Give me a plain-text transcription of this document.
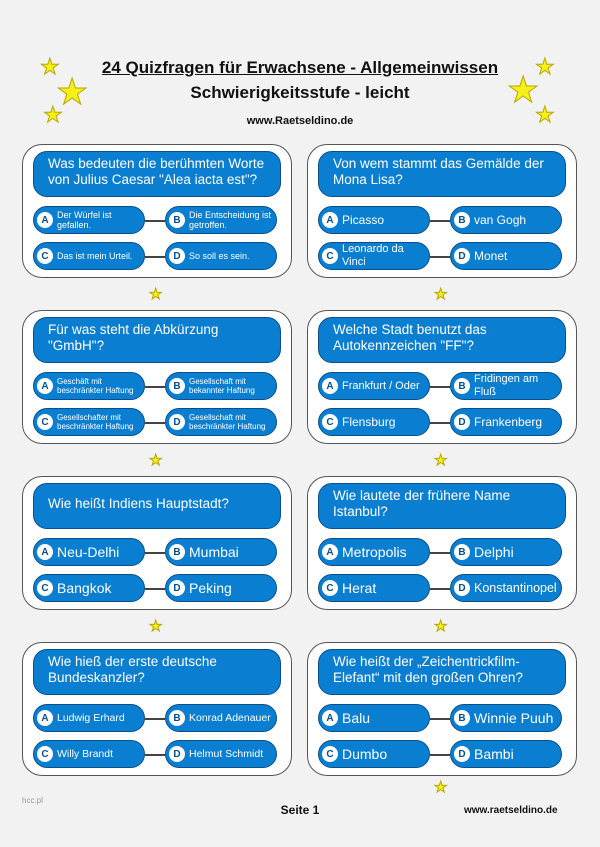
24 Quizfragen für Erwachsene - Allgemeinwissen
Schwierigkeitsstufe - leicht
www.Raetseldino.de
★
★
★
★
★
★
★	★
★	★
★	★
★
Was bedeuten die berühmten Worte von Julius Caesar "Alea iacta est"?
A Der Würfel ist gefallen.	B Die Entscheidung ist getroffen.
C Das ist mein Urteil.	D So soll es sein.
Von wem stammt das Gemälde der Mona Lisa?
A Picasso	B van Gogh
C
Leonardo da Vinci	D Monet
Für was steht die Abkürzung "GmbH"?
A	Geschäft mit beschränkter Haftung	B	Gesellschaft mit bekannter Haftung
C	Gesellschafter mit beschränkter Haftung	D	Gesellschaft mit beschränkter Haftung
Welche Stadt benutzt das Autokennzeichen "FF"?
A Frankfurt / Oder	B
Fridingen am Fluß
C Flensburg	D Frankenberg
Wie heißt Indiens Hauptstadt?
A Neu-Delhi	B Mumbai
C Bangkok	D Peking
Wie lautete der frühere Name Istanbul?
A Metropolis	B Delphi
C Herat	D Konstantinopel
Wie hieß der erste deutsche Bundeskanzler?
A Ludwig Erhard	B Konrad Adenauer
C Willy Brandt	D Helmut Schmidt
Wie heißt der „Zeichentrickfilm-Elefant“ mit den großen Ohren?
A Balu	B Winnie Puuh
C Dumbo	D Bambi
hcc.pl
Seite 1	www.raetseldino.de
